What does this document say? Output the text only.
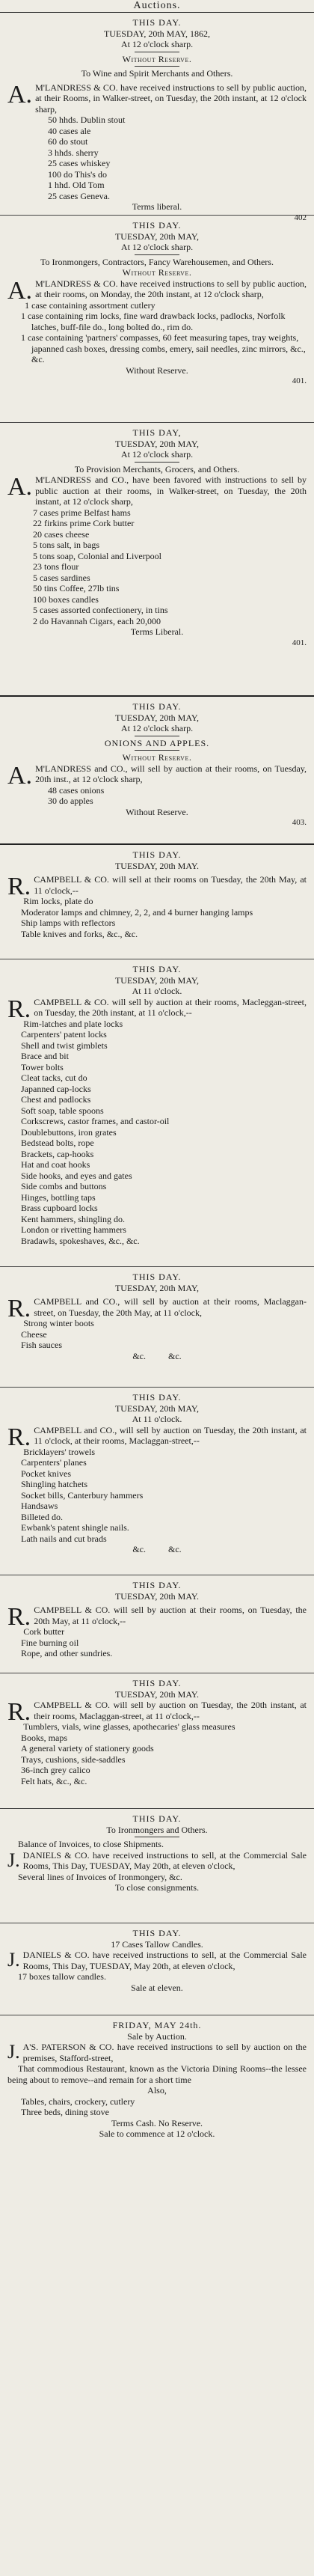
Auctions.
THIS DAY.
TUESDAY, 20th MAY, 1862,
At 12 o'clock sharp.
Without Reserve.
To Wine and Spirit Merchants and Others.
A. M'LANDRESS & CO. have received instructions to sell by public auction, at their Rooms, in Walker-street, on Tuesday, the 20th instant, at 12 o'clock sharp,
50 hhds. Dublin stout
40 cases ale
60 do stout
3 hhds. sherry
25 cases whiskey
100 do This's do
1 hhd. Old Tom
25 cases Geneva.
Terms liberal.
402
THIS DAY.
TUESDAY, 20th MAY,
At 12 o'clock sharp.
To Ironmongers, Contractors, Fancy Warehousemen, and Others.
Without Reserve.
A. M'LANDRESS & CO. have received instructions to sell by public auction, at their rooms, on Monday, the 20th instant, at 12 o'clock sharp,
1 case containing assortment cutlery
1 case containing rim locks, fine ward drawback locks, padlocks, Norfolk latches, buff-file do., long bolted do., rim do.
1 case containing 'partners' compasses, 60 feet measuring tapes, tray weights, japanned cash boxes, dressing combs, emery, sail needles, zinc mirrors, &c., &c.
Without Reserve.
401.
THIS DAY,
TUESDAY, 20th MAY,
At 12 o'clock sharp.
To Provision Merchants, Grocers, and Others.
A. M'LANDRESS and CO., have been favored with instructions to sell by public auction at their rooms, in Walker-street, on Tuesday, the 20th instant, at 12 o'clock sharp,
7 cases prime Belfast hams
22 firkins prime Cork butter
20 cases cheese
5 tons salt, in bags
5 tons soap, Colonial and Liverpool
23 tons flour
5 cases sardines
50 tins Coffee, 27lb tins
100 boxes candles
5 cases assorted confectionery, in tins
2 do Havannah Cigars, each 20,000
Terms Liberal.
401.
THIS DAY.
TUESDAY, 20th MAY,
At 12 o'clock sharp.
ONIONS AND APPLES.
Without Reserve.
A. M'LANDRESS and CO., will sell by auction at their rooms, on Tuesday, 20th inst., at 12 o'clock sharp,
48 cases onions
30 do apples
Without Reserve.
403.
THIS DAY.
TUESDAY, 20th MAY.
R. CAMPBELL & CO. will sell at their rooms on Tuesday, the 20th May, at 11 o'clock,--
Rim locks, plate do
Moderator lamps and chimney, 2, 2, and 4 burner hanging lamps
Ship lamps with reflectors
Table knives and forks, &c., &c.
THIS DAY.
TUESDAY, 20th MAY,
At 11 o'clock.
R. CAMPBELL & CO. will sell by auction at their rooms, Macleggan-street, on Tuesday, the 20th instant, at 11 o'clock,--
Rim-latches and plate locks
Carpenters' patent locks
Shell and twist gimblets
Brace and bit
Tower bolts
Cleat tacks, cut do
Japanned cap-locks
Chest and padlocks
Soft soap, table spoons
Corkscrews, castor frames, and castor-oil
Doublebuttons, iron grates
Bedstead bolts, rope
Brackets, cap-hooks
Hat and coat hooks
Side hooks, and eyes and gates
Side combs and buttons
Hinges, bottling taps
Brass cupboard locks
Kent hammers, shingling do.
London or rivetting hammers
Bradawls, spokeshaves, &c., &c.
THIS DAY.
TUESDAY, 20th MAY,
R. CAMPBELL and CO., will sell by auction at their rooms, Maclaggan-street, on Tuesday, the 20th May, at 11 o'clock,
Strong winter boots
Cheese
Fish sauces
&c.          &c.
THIS DAY.
TUESDAY, 20th MAY,
At 11 o'clock.
R. CAMPBELL and CO., will sell by auction on Tuesday, the 20th instant, at 11 o'clock, at their rooms, Maclaggan-street,--
Bricklayers' trowels
Carpenters' planes
Pocket knives
Shingling hatchets
Socket bills, Canterbury hammers
Handsaws
Billeted do.
Ewbank's patent shingle nails.
Lath nails and cut brads
&c.          &c.
THIS DAY.
TUESDAY, 20th MAY.
R. CAMPBELL & CO. will sell by auction at their rooms, on Tuesday, the 20th May, at 11 o'clock,--
Cork butter
Fine burning oil
Rope, and other sundries.
THIS DAY.
TUESDAY, 20th MAY.
R. CAMPBELL & CO. will sell by auction on Tuesday, the 20th instant, at their rooms, Maclaggan-street, at 11 o'clock,--
Tumblers, vials, wine glasses, apothecaries' glass measures
Books, maps
A general variety of stationery goods
Trays, cushions, side-saddles
36-inch grey calico
Felt hats, &c., &c.
THIS DAY.
To Ironmongers and Others.
Balance of Invoices, to close Shipments.
J. DANIELS & CO. have received instructions to sell, at the Commercial Sale Rooms, This Day, TUESDAY, May 20th, at eleven o'clock,
Several lines of Invoices of Ironmongery, &c.
To close consignments.
THIS DAY.
17 Cases Tallow Candles.
J. DANIELS & CO. have received instructions to sell, at the Commercial Sale Rooms, This Day, TUESDAY, May 20th, at eleven o'clock,
17 boxes tallow candles.
Sale at eleven.
FRIDAY, MAY 24th.
Sale by Auction.
J. A'S. PATERSON & CO. have received instructions to sell by auction on the premises, Stafford-street,
That commodious Restaurant, known as the Victoria Dining Rooms--the lessee being about to remove--and remain for a short time
Also,
Tables, chairs, crockery, cutlery
Three beds, dining stove
Terms Cash. No Reserve.
Sale to commence at 12 o'clock.
